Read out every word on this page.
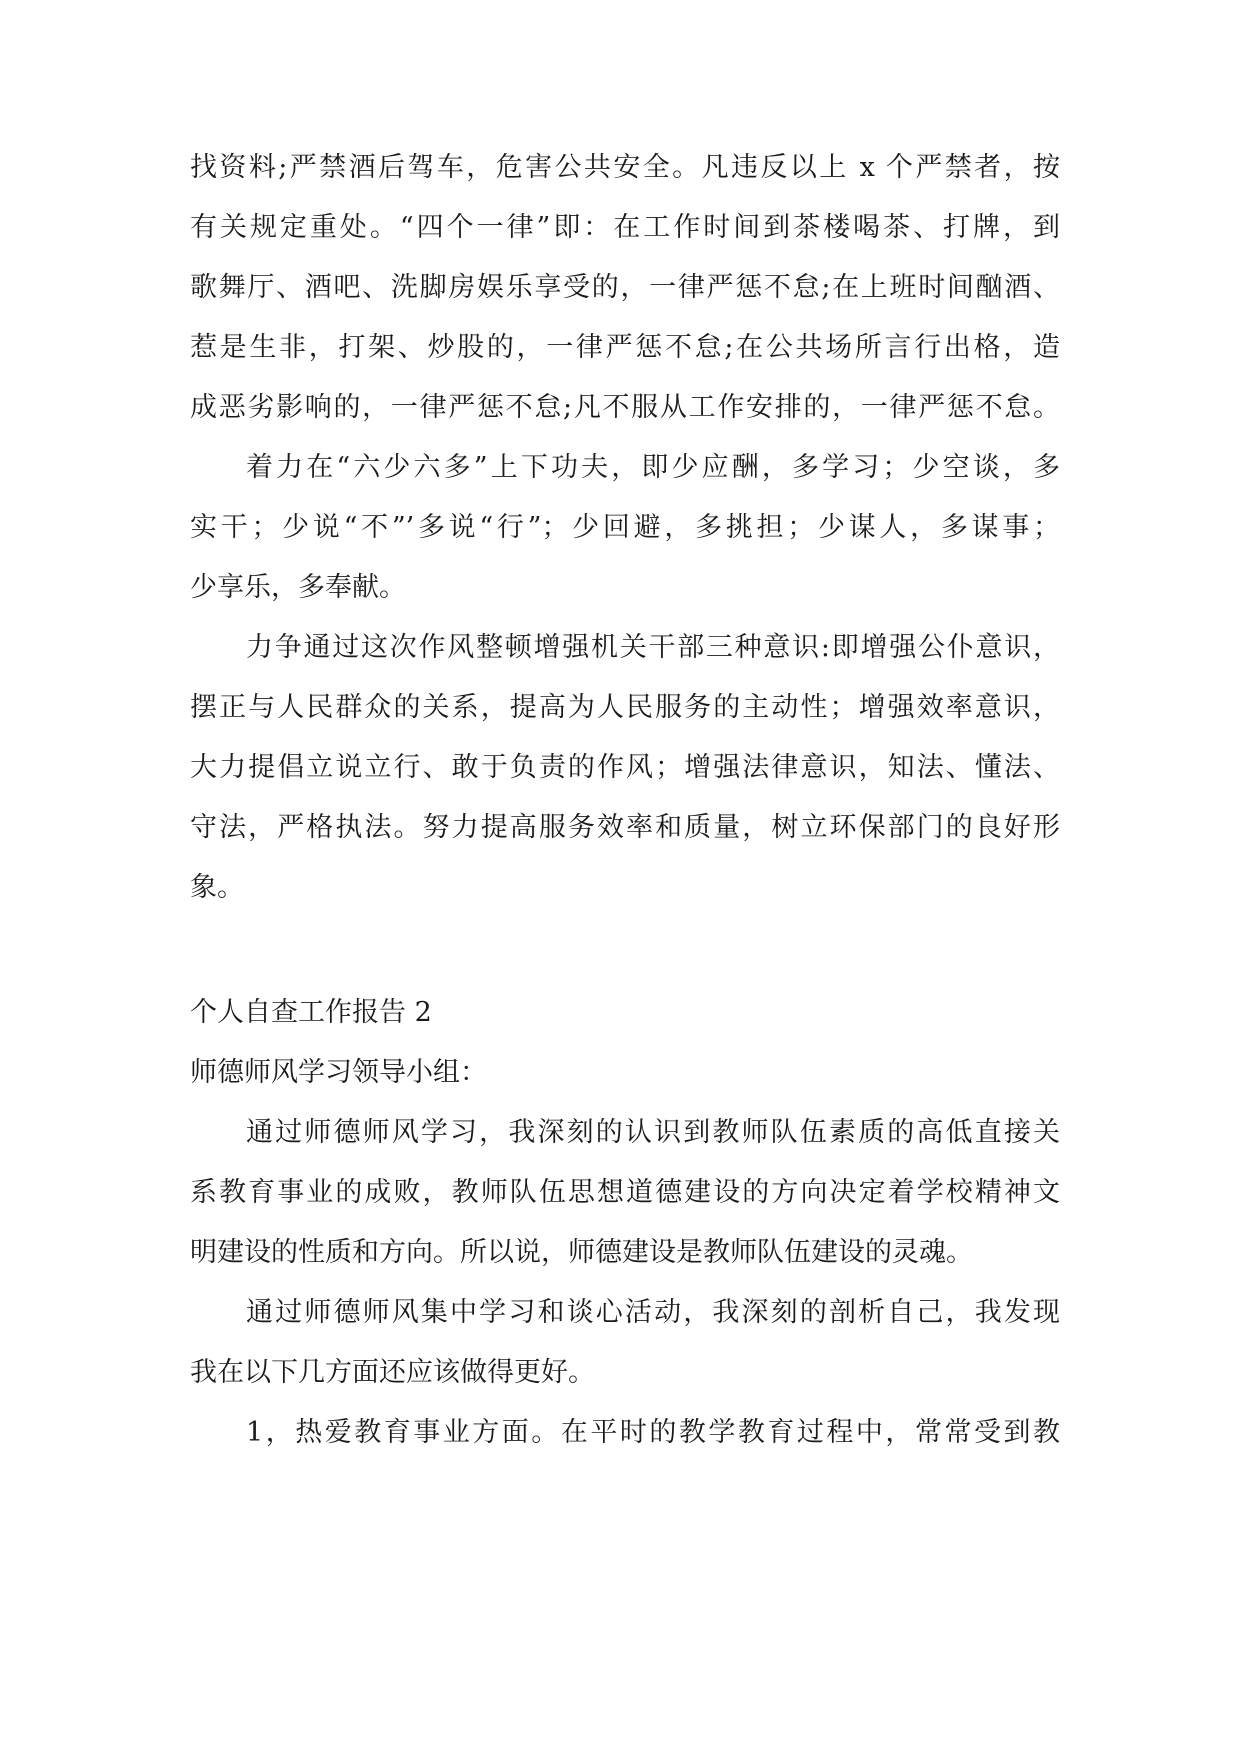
找资料;严禁酒后驾车，危害公共安全。凡违反以上 x 个严禁者，按
有关规定重处。“四个一律”即：在工作时间到茶楼喝茶、打牌，到
歌舞厅、酒吧、洗脚房娱乐享受的，一律严惩不怠;在上班时间酗酒、
惹是生非，打架、炒股的，一律严惩不怠;在公共场所言行出格，造
成恶劣影响的，一律严惩不怠;凡不服从工作安排的，一律严惩不怠。
着力在“六少六多”上下功夫，即少应酬，多学习；少空谈，多
实干；少说“不”’多说“行”；少回避，多挑担；少谋人，多谋事；
少享乐，多奉献。
力争通过这次作风整顿增强机关干部三种意识:即增强公仆意识，
摆正与人民群众的关系，提高为人民服务的主动性；增强效率意识，
大力提倡立说立行、敢于负责的作风；增强法律意识，知法、懂法、
守法，严格执法。努力提高服务效率和质量，树立环保部门的良好形
象。
个人自查工作报告 2
师德师风学习领导小组：
通过师德师风学习，我深刻的认识到教师队伍素质的高低直接关
系教育事业的成败，教师队伍思想道德建设的方向决定着学校精神文
明建设的性质和方向。所以说，师德建设是教师队伍建设的灵魂。
通过师德师风集中学习和谈心活动，我深刻的剖析自己，我发现
我在以下几方面还应该做得更好。
1，热爱教育事业方面。在平时的教学教育过程中，常常受到教
